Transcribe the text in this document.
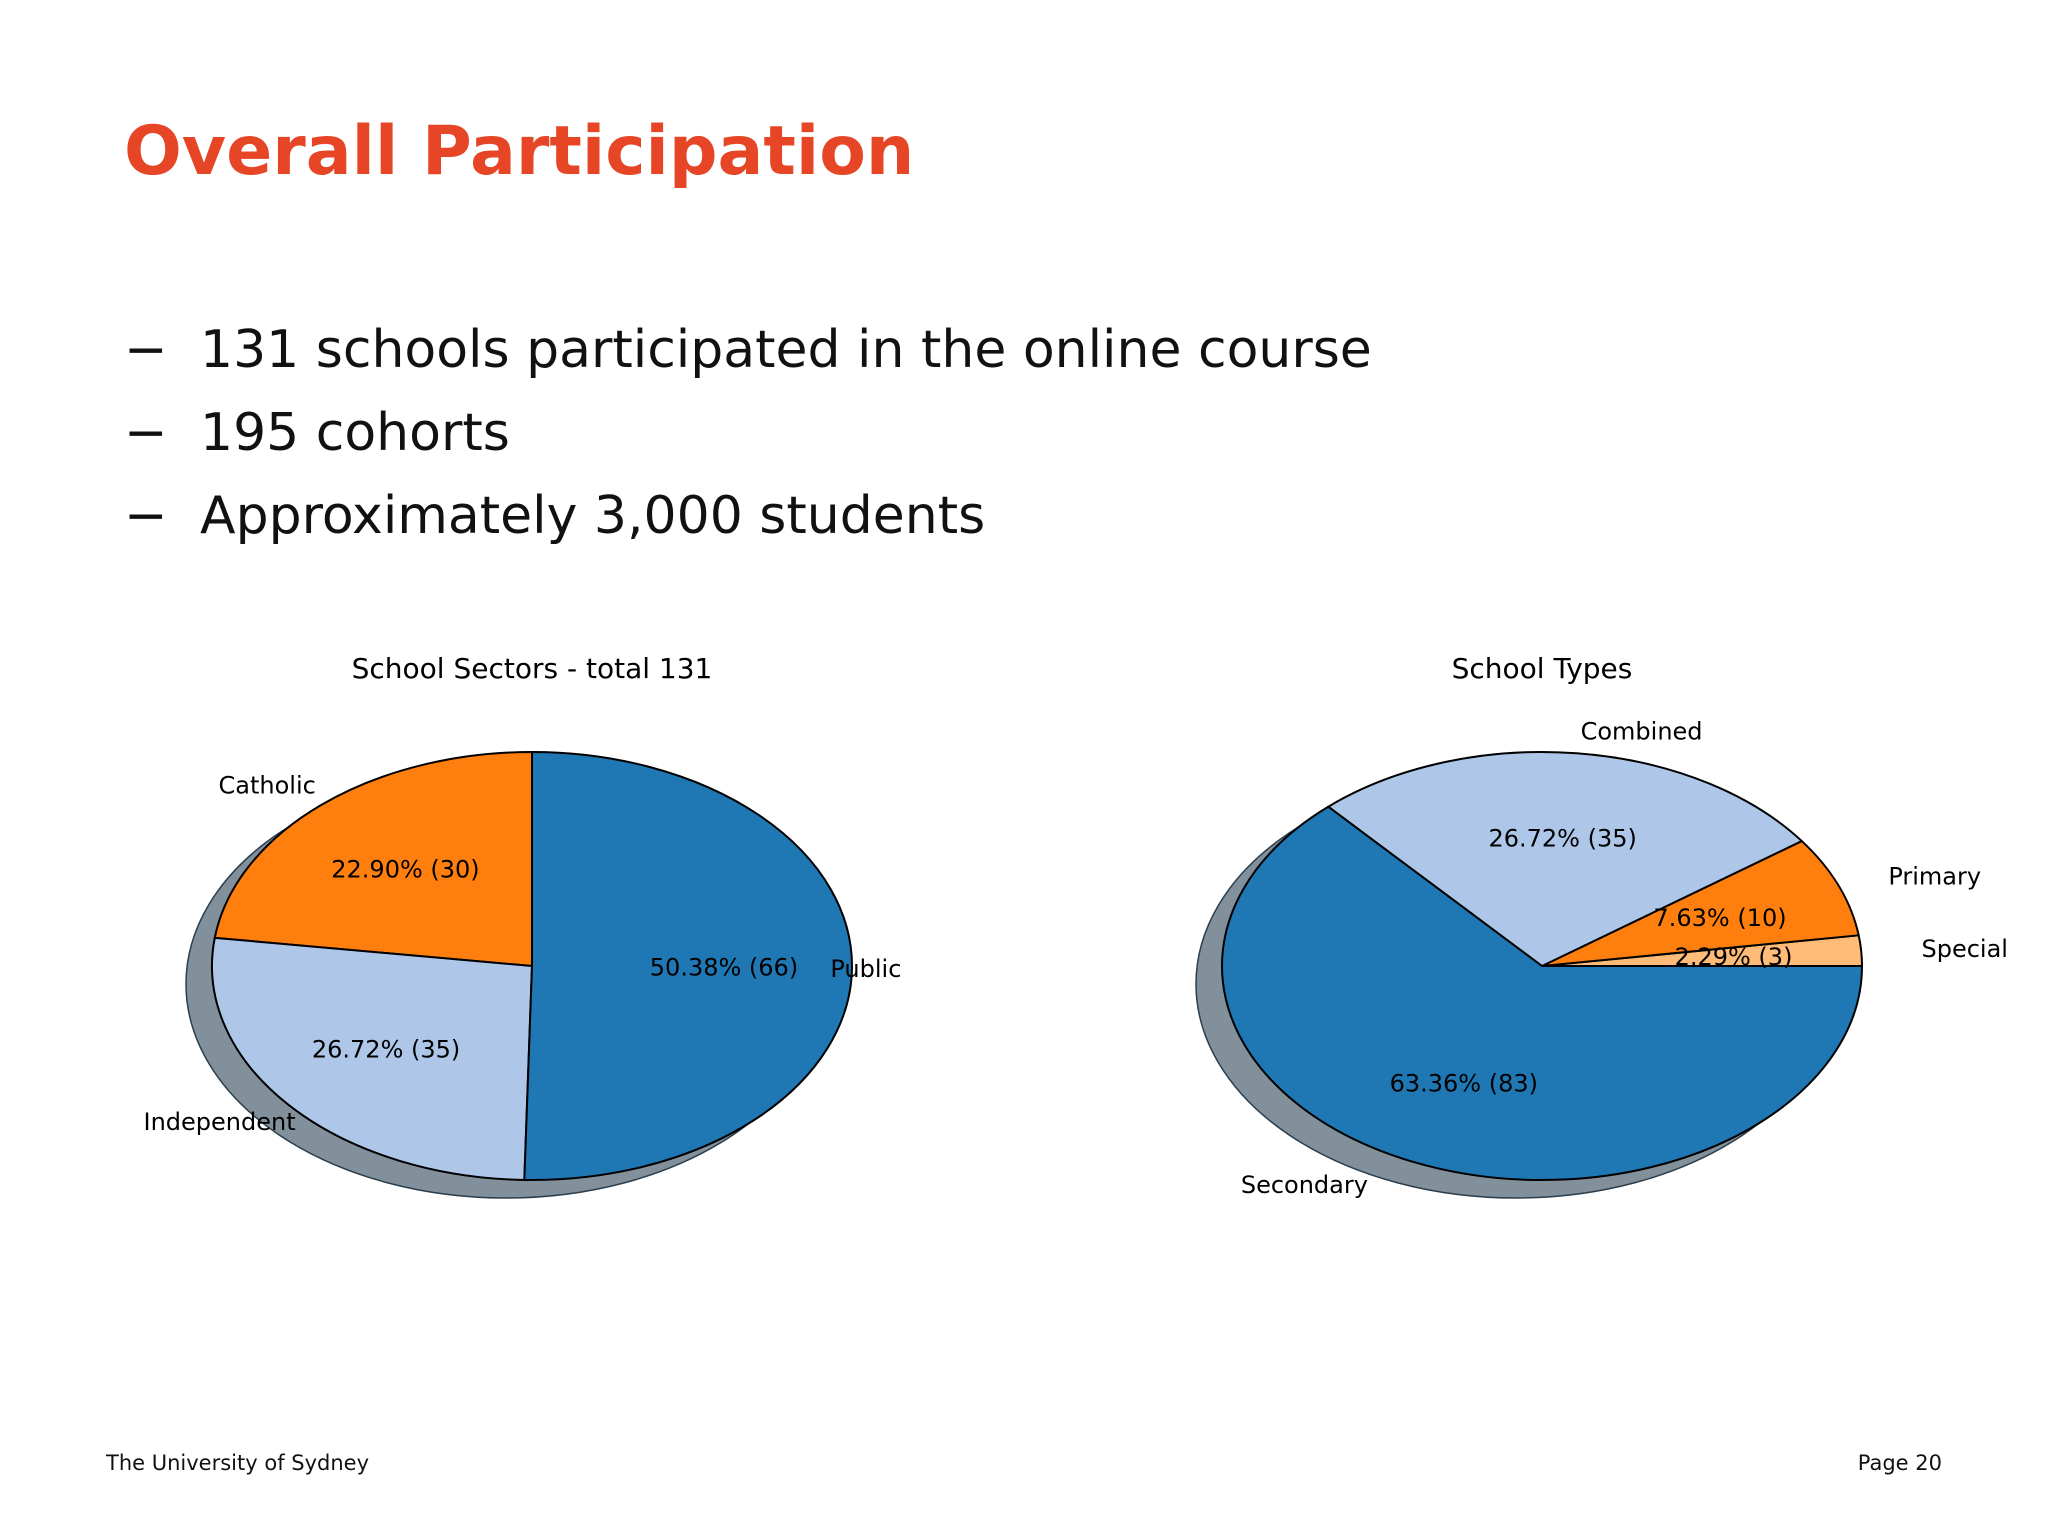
Overall Participation
− 131 schools participated in the online course
− 195 cohorts
− Approximately 3,000 students
School Sectors - total 131
22.90% (30)
Catholic
26.72% (35)
Independent
50.38% (66) Public
School Types
2.29% (3)	Special
7.63% (10)
Primary
26.72% (35)
Combined
63.36% (83)
Secondary
The University of Sydney	Page 20
